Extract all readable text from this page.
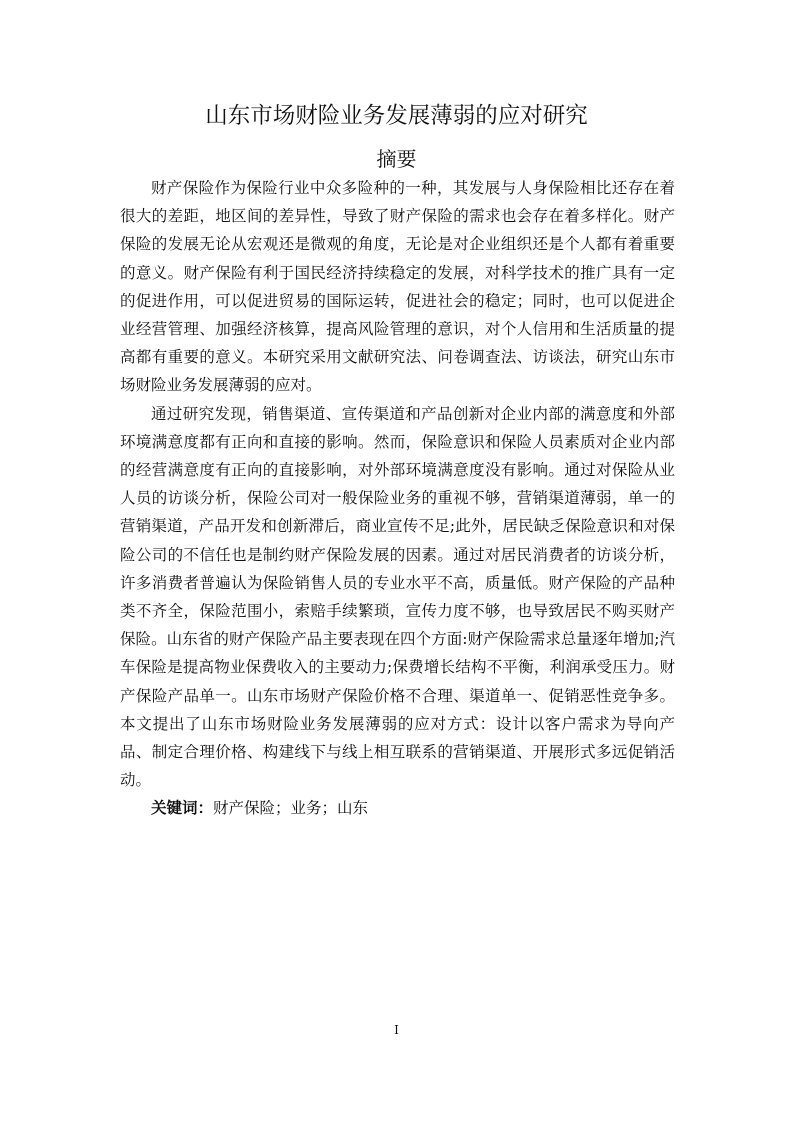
山东市场财险业务发展薄弱的应对研究
摘要

财产保险作为保险行业中众多险种的一种，其发展与人身保险相比还存在着很大的差距，地区间的差异性，导致了财产保险的需求也会存在着多样化。财产保险的发展无论从宏观还是微观的角度，无论是对企业组织还是个人都有着重要的意义。财产保险有利于国民经济持续稳定的发展，对科学技术的推广具有一定的促进作用，可以促进贸易的国际运转，促进社会的稳定；同时，也可以促进企业经营管理、加强经济核算，提高风险管理的意识，对个人信用和生活质量的提高都有重要的意义。本研究采用文献研究法、问卷调查法、访谈法，研究山东市场财险业务发展薄弱的应对。

通过研究发现，销售渠道、宣传渠道和产品创新对企业内部的满意度和外部环境满意度都有正向和直接的影响。然而，保险意识和保险人员素质对企业内部的经营满意度有正向的直接影响，对外部环境满意度没有影响。通过对保险从业人员的访谈分析，保险公司对一般保险业务的重视不够，营销渠道薄弱，单一的营销渠道，产品开发和创新滞后，商业宣传不足;此外，居民缺乏保险意识和对保险公司的不信任也是制约财产保险发展的因素。通过对居民消费者的访谈分析，许多消费者普遍认为保险销售人员的专业水平不高，质量低。财产保险的产品种类不齐全，保险范围小，索赔手续繁琐，宣传力度不够，也导致居民不购买财产保险。山东省的财产保险产品主要表现在四个方面:财产保险需求总量逐年增加;汽车保险是提高物业保费收入的主要动力;保费增长结构不平衡，利润承受压力。财产保险产品单一。山东市场财产保险价格不合理、渠道单一、促销恶性竞争多。本文提出了山东市场财险业务发展薄弱的应对方式：设计以客户需求为导向产品、制定合理价格、构建线下与线上相互联系的营销渠道、开展形式多远促销活动。

关键词：财产保险；业务；山东

I
